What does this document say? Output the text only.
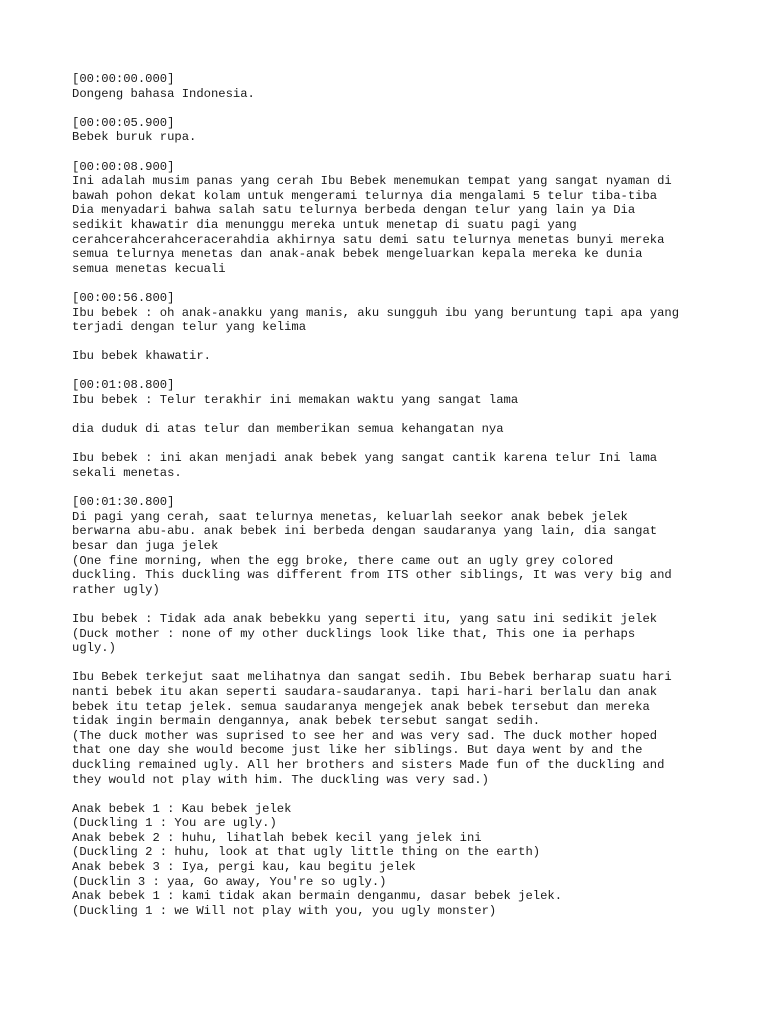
[00:00:00.000]
Dongeng bahasa Indonesia.
[00:00:05.900]
Bebek buruk rupa.
[00:00:08.900]
Ini adalah musim panas yang cerah Ibu Bebek menemukan tempat yang sangat nyaman di
bawah pohon dekat kolam untuk mengerami telurnya dia mengalami 5 telur tiba-tiba
Dia menyadari bahwa salah satu telurnya berbeda dengan telur yang lain ya Dia
sedikit khawatir dia menunggu mereka untuk menetap di suatu pagi yang
cerahcerahcerahceracerahdia akhirnya satu demi satu telurnya menetas bunyi mereka
semua telurnya menetas dan anak-anak bebek mengeluarkan kepala mereka ke dunia
semua menetas kecuali
[00:00:56.800]
Ibu bebek : oh anak-anakku yang manis, aku sungguh ibu yang beruntung tapi apa yang
terjadi dengan telur yang kelima
Ibu bebek khawatir.
[00:01:08.800]
Ibu bebek : Telur terakhir ini memakan waktu yang sangat lama
dia duduk di atas telur dan memberikan semua kehangatan nya
Ibu bebek : ini akan menjadi anak bebek yang sangat cantik karena telur Ini lama
sekali menetas.
[00:01:30.800]
Di pagi yang cerah, saat telurnya menetas, keluarlah seekor anak bebek jelek
berwarna abu-abu. anak bebek ini berbeda dengan saudaranya yang lain, dia sangat
besar dan juga jelek
(One fine morning, when the egg broke, there came out an ugly grey colored
duckling. This duckling was different from ITS other siblings, It was very big and
rather ugly)
Ibu bebek : Tidak ada anak bebekku yang seperti itu, yang satu ini sedikit jelek
(Duck mother : none of my other ducklings look like that, This one ia perhaps
ugly.)
Ibu Bebek terkejut saat melihatnya dan sangat sedih. Ibu Bebek berharap suatu hari
nanti bebek itu akan seperti saudara-saudaranya. tapi hari-hari berlalu dan anak
bebek itu tetap jelek. semua saudaranya mengejek anak bebek tersebut dan mereka
tidak ingin bermain dengannya, anak bebek tersebut sangat sedih.
(The duck mother was suprised to see her and was very sad. The duck mother hoped
that one day she would become just like her siblings. But daya went by and the
duckling remained ugly. All her brothers and sisters Made fun of the duckling and
they would not play with him. The duckling was very sad.)
Anak bebek 1 : Kau bebek jelek
(Duckling 1 : You are ugly.)
Anak bebek 2 : huhu, lihatlah bebek kecil yang jelek ini
(Duckling 2 : huhu, look at that ugly little thing on the earth)
Anak bebek 3 : Iya, pergi kau, kau begitu jelek
(Ducklin 3 : yaa, Go away, You're so ugly.)
Anak bebek 1 : kami tidak akan bermain denganmu, dasar bebek jelek.
(Duckling 1 : we Will not play with you, you ugly monster)
